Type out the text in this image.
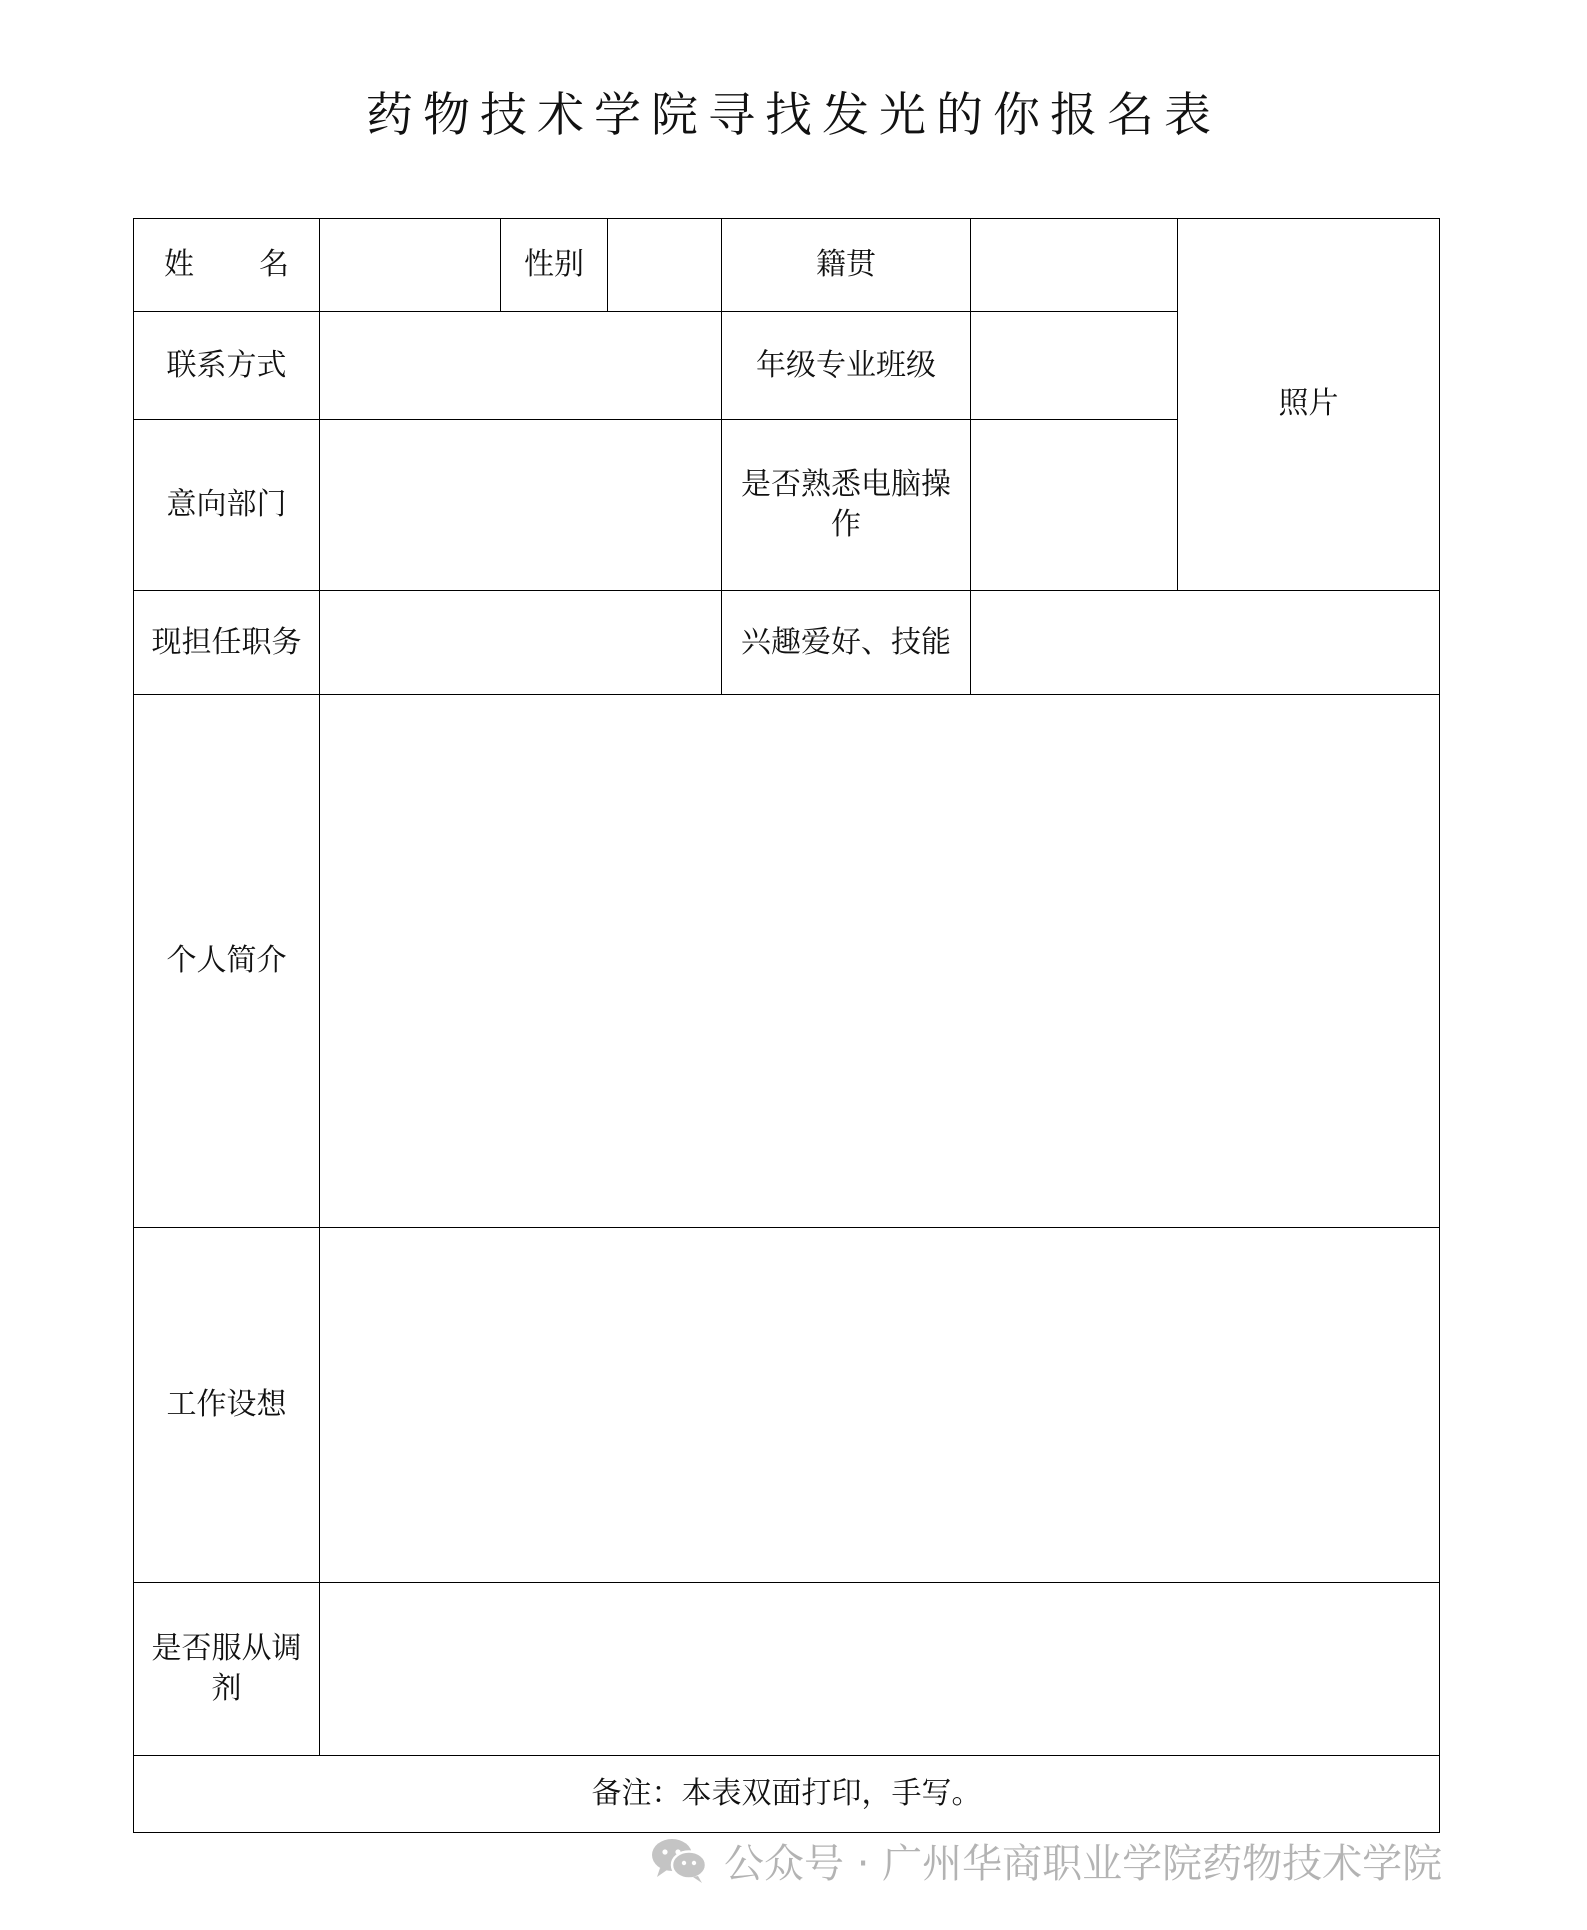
药物技术学院寻找发光的你报名表
姓 名		性别		籍贯		照片
联系方式				年级专业班级		
意向部门				是否熟悉电脑操作		

现担任职务				兴趣爱好、技能		
个人简介						
工作设想						

是否服从调剂						

备注：本表双面打印，手写。						
公众号 · 广州华商职业学院药物技术学院
